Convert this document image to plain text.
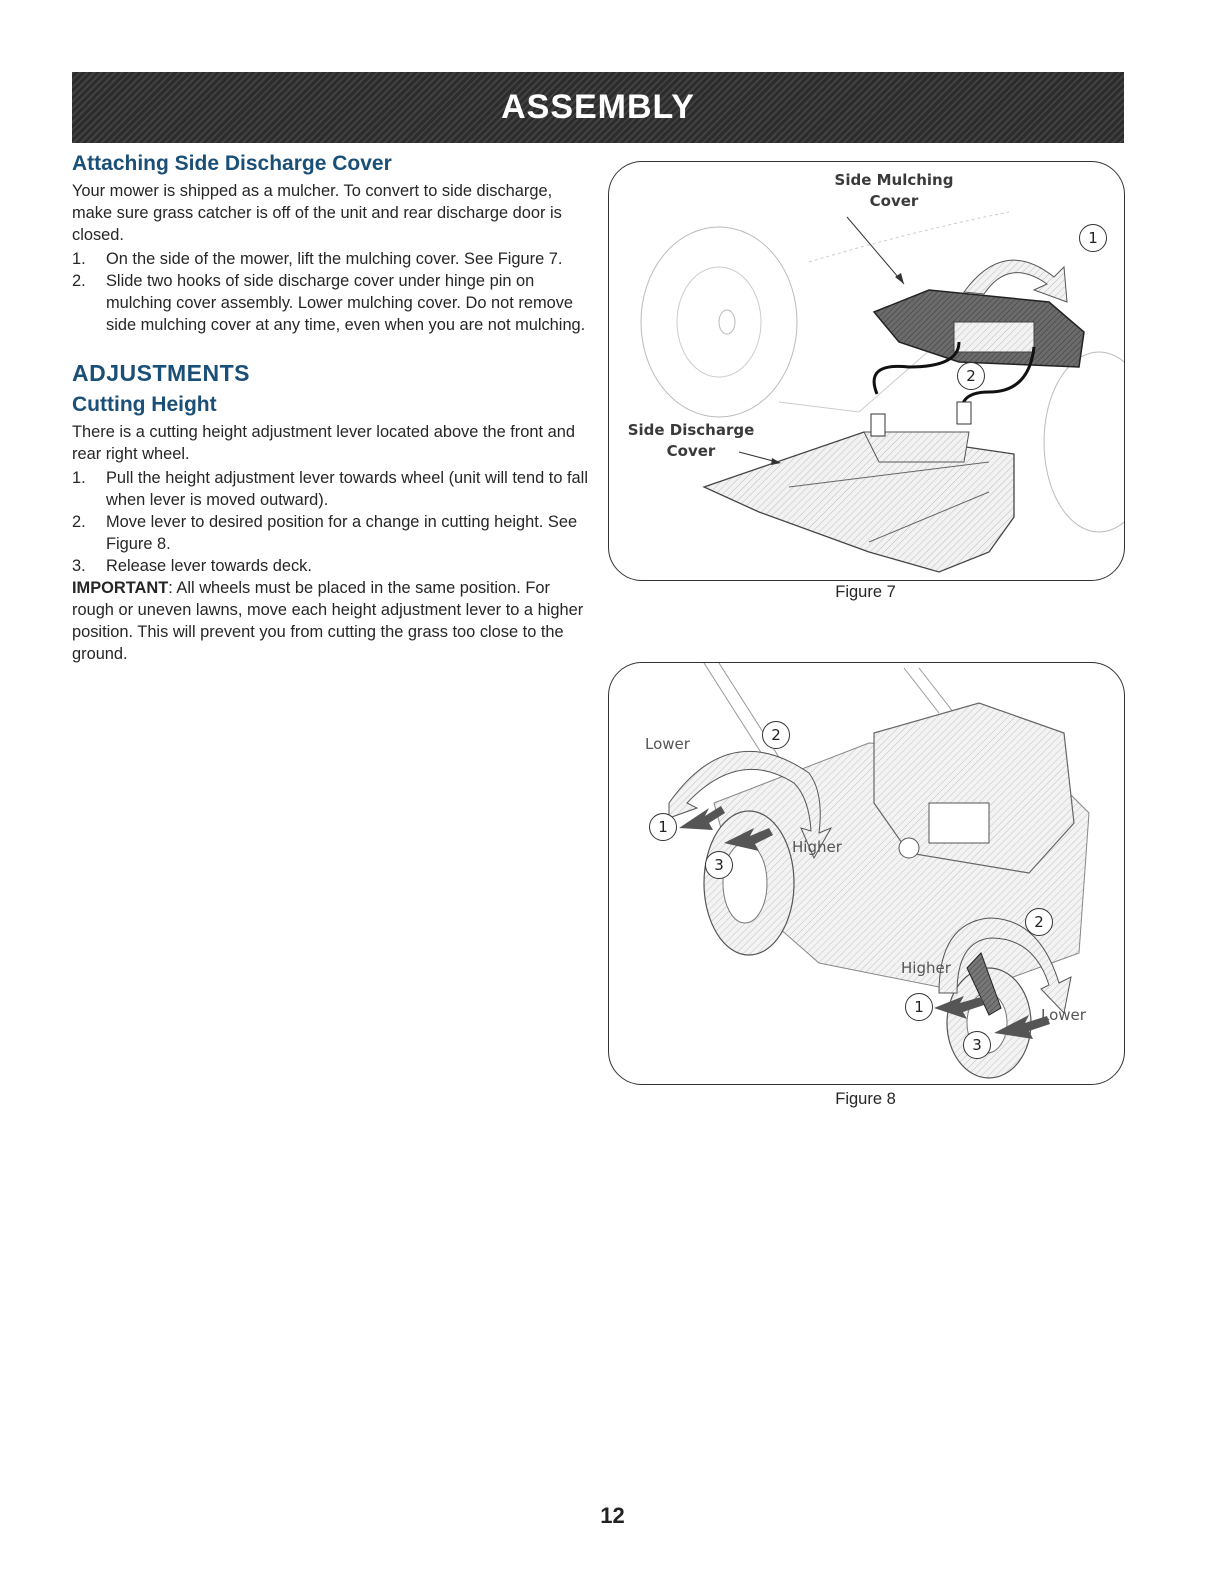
ASSEMBLY
Attaching Side Discharge Cover

Your mower is shipped as a mulcher. To convert to side discharge, make sure grass catcher is off of the unit and rear discharge door is closed.

1. On the side of the mower, lift the mulching cover. See Figure 7.
2. Slide two hooks of side discharge cover under hinge pin on mulching cover assembly. Lower mulching cover. Do not remove side mulching cover at any time, even when you are not mulching.
ADJUSTMENTS
Cutting Height

There is a cutting height adjustment lever located above the front and rear right wheel.

1. Pull the height adjustment lever towards wheel (unit will tend to fall when lever is moved outward).
2. Move lever to desired position for a change in cutting height. See Figure 8.
3. Release lever towards deck.

IMPORTANT: All wheels must be placed in the same position. For rough or uneven lawns, move each height adjustment lever to a higher position. This will prevent you from cutting the grass too close to the ground.

Side Mulching Cover
Side Discharge Cover
1
2
Figure 7
Lower
Higher
Higher
Lower
1
2
3
1
2
3
Figure 8
12
